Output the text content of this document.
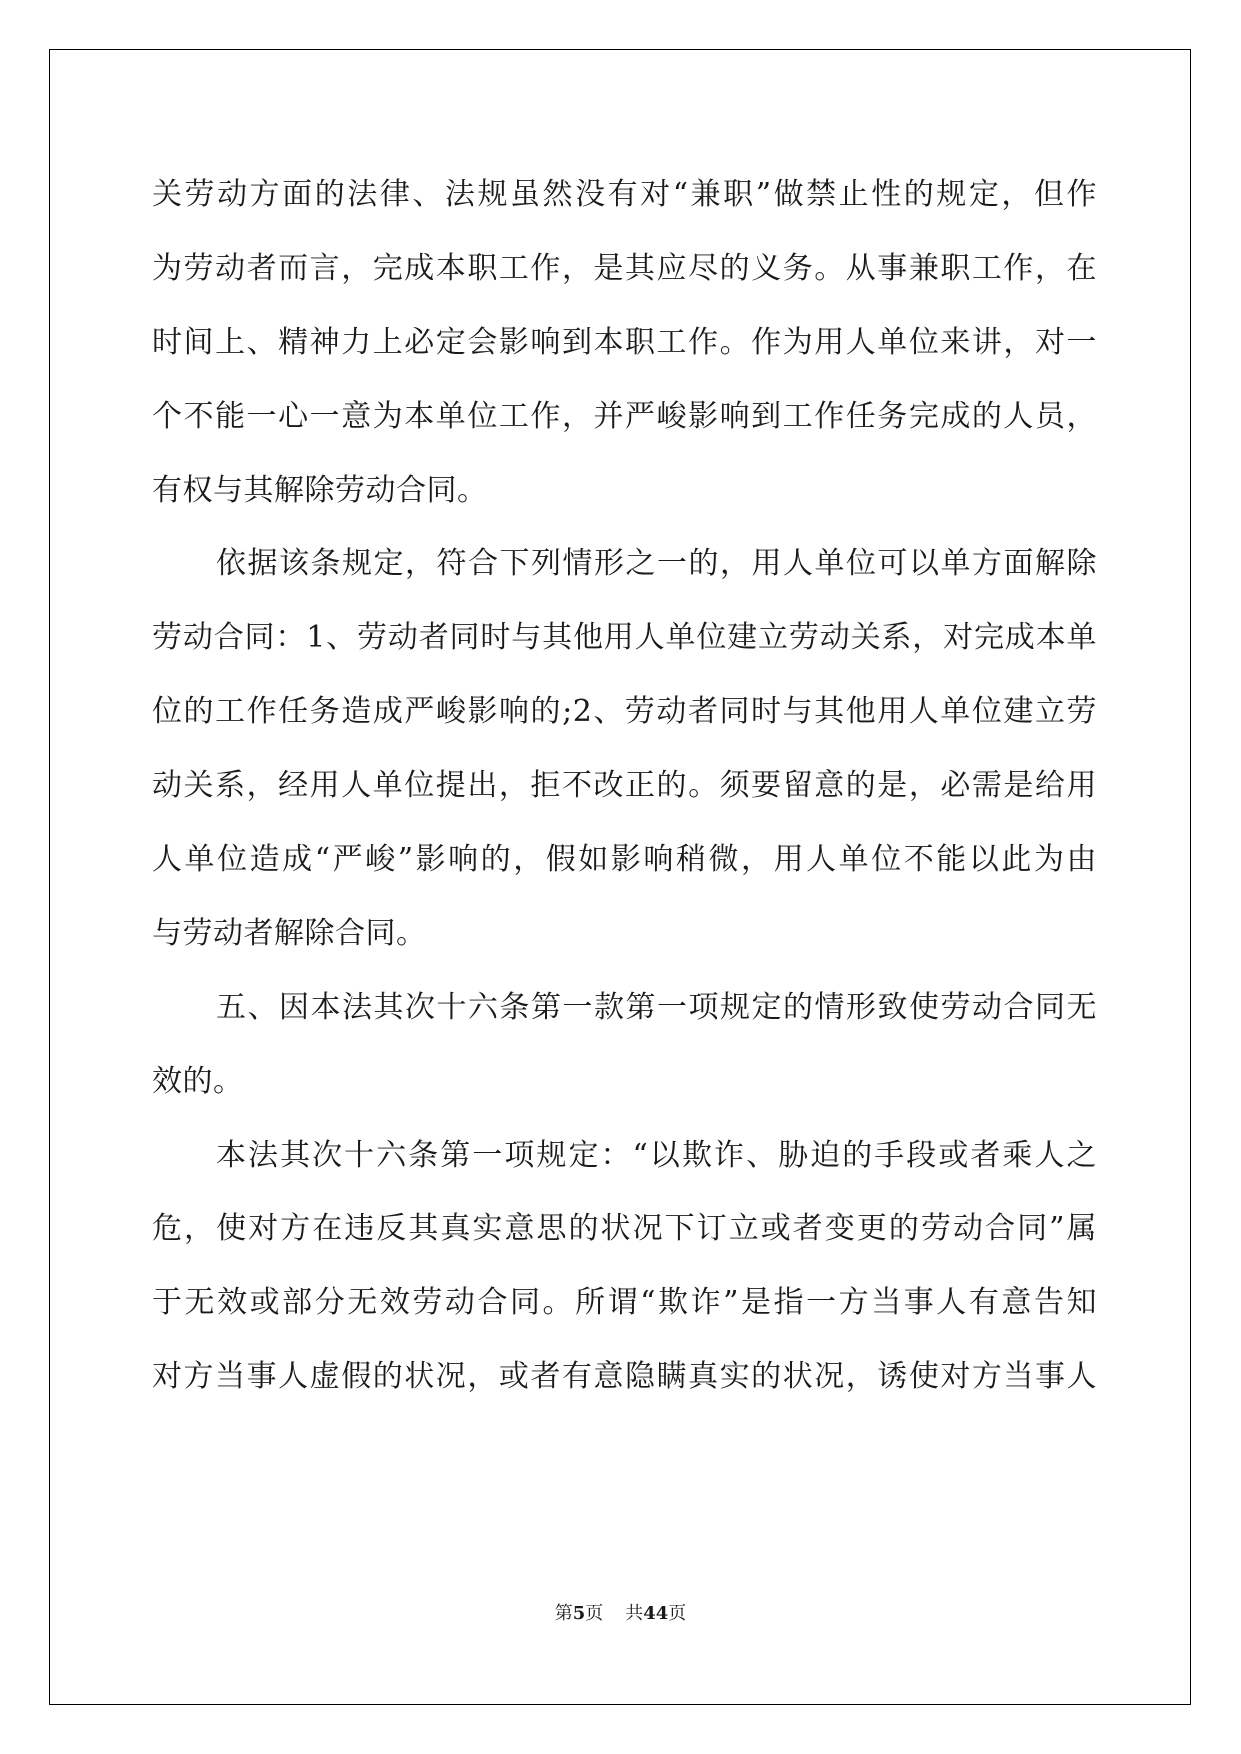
关劳动方面的法律、法规虽然没有对“兼职”做禁止性的规定，但作
为劳动者而言，完成本职工作，是其应尽的义务。从事兼职工作，在
时间上、精神力上必定会影响到本职工作。作为用人单位来讲，对一
个不能一心一意为本单位工作，并严峻影响到工作任务完成的人员，
有权与其解除劳动合同。
依据该条规定，符合下列情形之一的，用人单位可以单方面解除
劳动合同：1、劳动者同时与其他用人单位建立劳动关系，对完成本单
位的工作任务造成严峻影响的;2、劳动者同时与其他用人单位建立劳
动关系，经用人单位提出，拒不改正的。须要留意的是，必需是给用
人单位造成“严峻”影响的，假如影响稍微，用人单位不能以此为由
与劳动者解除合同。
五、因本法其次十六条第一款第一项规定的情形致使劳动合同无
效的。
本法其次十六条第一项规定：“以欺诈、胁迫的手段或者乘人之
危，使对方在违反其真实意思的状况下订立或者变更的劳动合同”属
于无效或部分无效劳动合同。所谓“欺诈”是指一方当事人有意告知
对方当事人虚假的状况，或者有意隐瞒真实的状况，诱使对方当事人
第5页 共44页
